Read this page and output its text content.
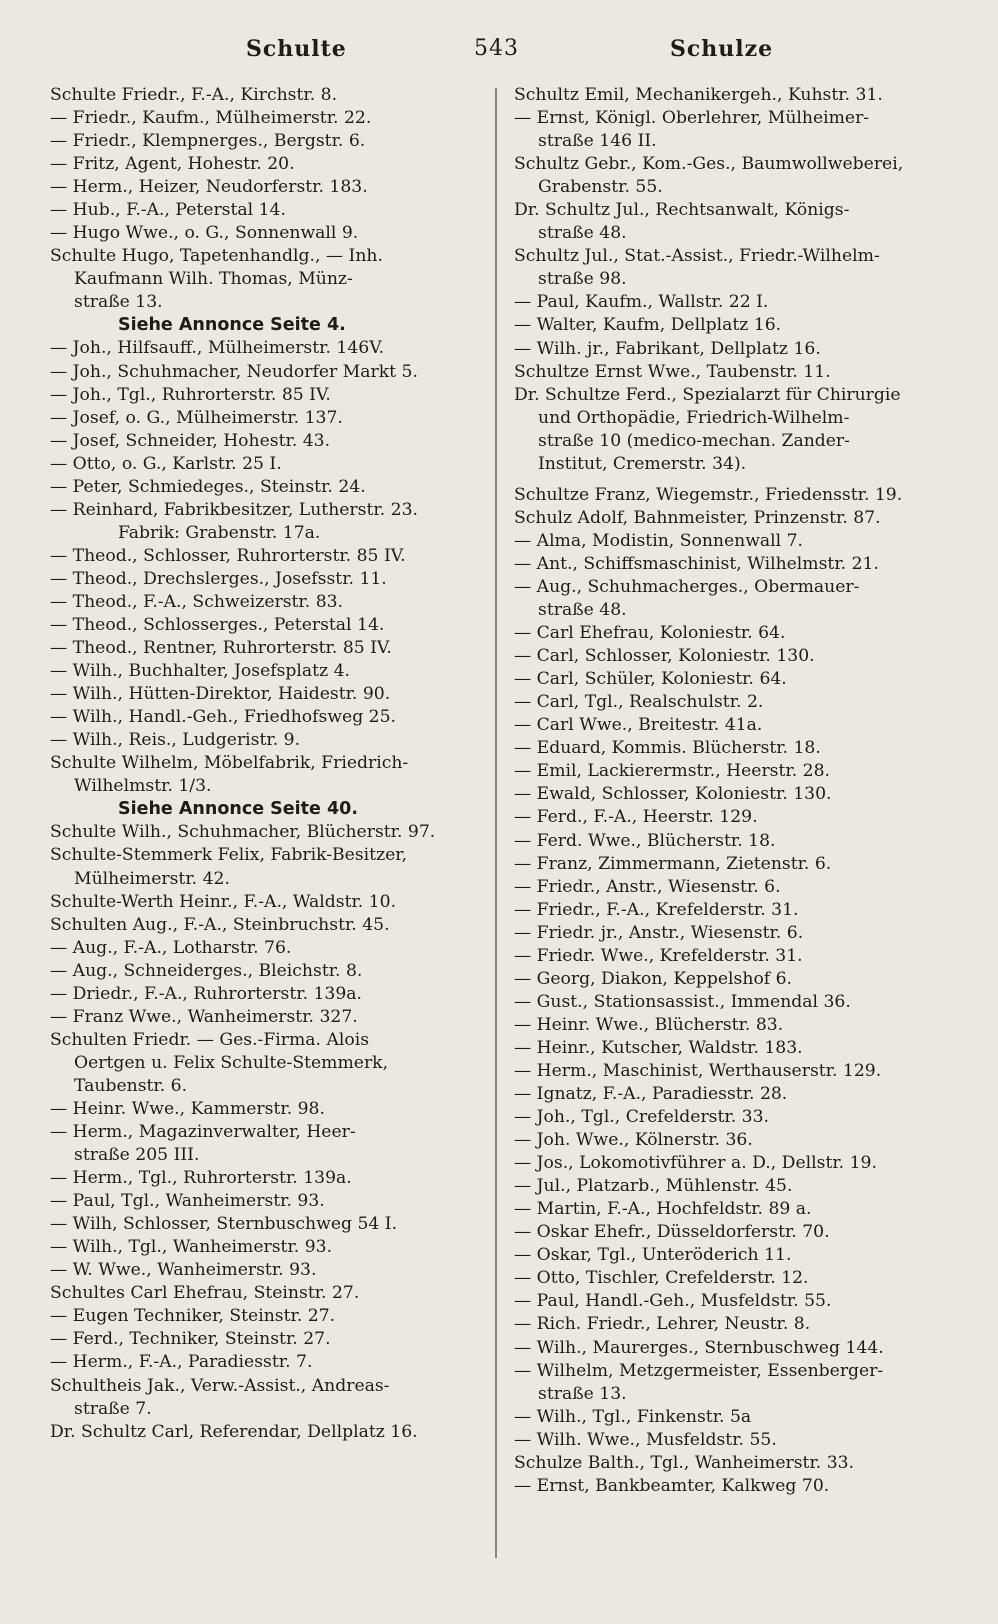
Schulte	543	Schulze

Schulte Friedr., F.-A., Kirchstr. 8.

— Friedr., Kaufm., Mülheimerstr. 22.

— Friedr., Klempnerges., Bergstr. 6.

— Fritz, Agent, Hohestr. 20.

— Herm., Heizer, Neudorferstr. 183.

— Hub., F.-A., Peterstal 14.

— Hugo Wwe., o. G., Sonnenwall 9.

Schulte Hugo, Tapetenhandlg., — Inh.

Kaufmann Wilh. Thomas, Münz-

straße 13.

Siehe Annonce Seite 4.

— Joh., Hilfsauff., Mülheimerstr. 146V.

— Joh., Schuhmacher, Neudorfer Markt 5.

— Joh., Tgl., Ruhrorterstr. 85 IV.

— Josef, o. G., Mülheimerstr. 137.

— Josef, Schneider, Hohestr. 43.

— Otto, o. G., Karlstr. 25 I.

— Peter, Schmiedeges., Steinstr. 24.

— Reinhard, Fabrikbesitzer, Lutherstr. 23.

Fabrik: Grabenstr. 17a.

— Theod., Schlosser, Ruhrorterstr. 85 IV.

— Theod., Drechslerges., Josefsstr. 11.

— Theod., F.-A., Schweizerstr. 83.

— Theod., Schlosserges., Peterstal 14.

— Theod., Rentner, Ruhrorterstr. 85 IV.

— Wilh., Buchhalter, Josefsplatz 4.

— Wilh., Hütten-Direktor, Haidestr. 90.

— Wilh., Handl.-Geh., Friedhofsweg 25.

— Wilh., Reis., Ludgeristr. 9.

Schulte Wilhelm, Möbelfabrik, Friedrich-

Wilhelmstr. 1/3.

Siehe Annonce Seite 40.

Schulte Wilh., Schuhmacher, Blücherstr. 97.

Schulte-Stemmerk Felix, Fabrik-Besitzer,

Mülheimerstr. 42.

Schulte-Werth Heinr., F.-A., Waldstr. 10.

Schulten Aug., F.-A., Steinbruchstr. 45.

— Aug., F.-A., Lotharstr. 76.

— Aug., Schneiderges., Bleichstr. 8.

— Driedr., F.-A., Ruhrorterstr. 139a.

— Franz Wwe., Wanheimerstr. 327.

Schulten Friedr. — Ges.-Firma. Alois

Oertgen u. Felix Schulte-Stemmerk,

Taubenstr. 6.

— Heinr. Wwe., Kammerstr. 98.

— Herm., Magazinverwalter, Heer-

straße 205 III.

— Herm., Tgl., Ruhrorterstr. 139a.

— Paul, Tgl., Wanheimerstr. 93.

— Wilh, Schlosser, Sternbuschweg 54 I.

— Wilh., Tgl., Wanheimerstr. 93.

— W. Wwe., Wanheimerstr. 93.

Schultes Carl Ehefrau, Steinstr. 27.

— Eugen Techniker, Steinstr. 27.

— Ferd., Techniker, Steinstr. 27.

— Herm., F.-A., Paradiesstr. 7.

Schultheis Jak., Verw.-Assist., Andreas-

straße 7.

Dr. Schultz Carl, Referendar, Dellplatz 16.

Schultz Emil, Mechanikergeh., Kuhstr. 31.

— Ernst, Königl. Oberlehrer, Mülheimer-

straße 146 II.

Schultz Gebr., Kom.-Ges., Baumwollweberei,

Grabenstr. 55.

Dr. Schultz Jul., Rechtsanwalt, Königs-

straße 48.

Schultz Jul., Stat.-Assist., Friedr.-Wilhelm-

straße 98.

— Paul, Kaufm., Wallstr. 22 I.

— Walter, Kaufm, Dellplatz 16.

— Wilh. jr., Fabrikant, Dellplatz 16.

Schultze Ernst Wwe., Taubenstr. 11.

Dr. Schultze Ferd., Spezialarzt für Chirurgie

und Orthopädie, Friedrich-Wilhelm-

straße 10 (medico-mechan. Zander-

Institut, Cremerstr. 34).

Schultze Franz, Wiegemstr., Friedensstr. 19.

Schulz Adolf, Bahnmeister, Prinzenstr. 87.

— Alma, Modistin, Sonnenwall 7.

— Ant., Schiffsmaschinist, Wilhelmstr. 21.

— Aug., Schuhmacherges., Obermauer-

straße 48.

— Carl Ehefrau, Koloniestr. 64.

— Carl, Schlosser, Koloniestr. 130.

— Carl, Schüler, Koloniestr. 64.

— Carl, Tgl., Realschulstr. 2.

— Carl Wwe., Breitestr. 41a.

— Eduard, Kommis. Blücherstr. 18.

— Emil, Lackierermstr., Heerstr. 28.

— Ewald, Schlosser, Koloniestr. 130.

— Ferd., F.-A., Heerstr. 129.

— Ferd. Wwe., Blücherstr. 18.

— Franz, Zimmermann, Zietenstr. 6.

— Friedr., Anstr., Wiesenstr. 6.

— Friedr., F.-A., Krefelderstr. 31.

— Friedr. jr., Anstr., Wiesenstr. 6.

— Friedr. Wwe., Krefelderstr. 31.

— Georg, Diakon, Keppelshof 6.

— Gust., Stationsassist., Immendal 36.

— Heinr. Wwe., Blücherstr. 83.

— Heinr., Kutscher, Waldstr. 183.

— Herm., Maschinist, Werthauserstr. 129.

— Ignatz, F.-A., Paradiesstr. 28.

— Joh., Tgl., Crefelderstr. 33.

— Joh. Wwe., Kölnerstr. 36.

— Jos., Lokomotivführer a. D., Dellstr. 19.

— Jul., Platzarb., Mühlenstr. 45.

— Martin, F.-A., Hochfeldstr. 89 a.

— Oskar Ehefr., Düsseldorferstr. 70.

— Oskar, Tgl., Unteröderich 11.

— Otto, Tischler, Crefelderstr. 12.

— Paul, Handl.-Geh., Musfeldstr. 55.

— Rich. Friedr., Lehrer, Neustr. 8.

— Wilh., Maurerges., Sternbuschweg 144.

— Wilhelm, Metzgermeister, Essenberger-

straße 13.

— Wilh., Tgl., Finkenstr. 5a

— Wilh. Wwe., Musfeldstr. 55.

Schulze Balth., Tgl., Wanheimerstr. 33.

— Ernst, Bankbeamter, Kalkweg 70.
